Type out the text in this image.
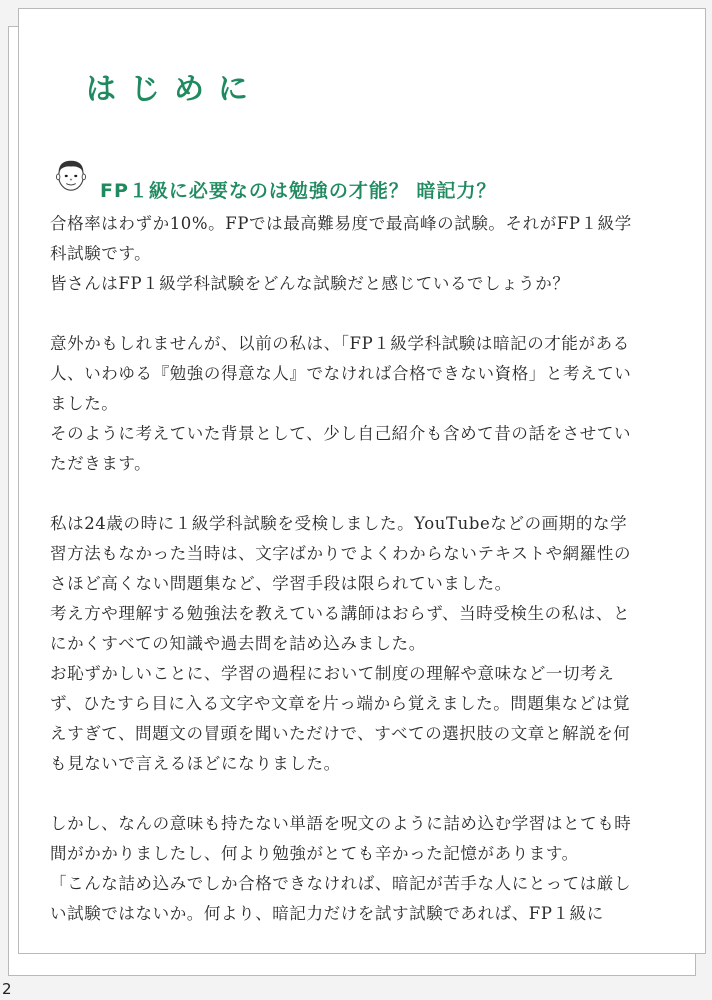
はじめに
FP１級に必要なのは勉強の才能？ 暗記力？

合格率はわずか10%。FPでは最高難易度で最高峰の試験。それがFP１級学科試験です。

皆さんはFP１級学科試験をどんな試験だと感じているでしょうか？

意外かもしれませんが、以前の私は、「FP１級学科試験は暗記の才能がある人、いわゆる『勉強の得意な人』でなければ合格できない資格」と考えていました。

そのように考えていた背景として、少し自己紹介も含めて昔の話をさせていただきます。

私は24歳の時に１級学科試験を受検しました。YouTubeなどの画期的な学習方法もなかった当時は、文字ばかりでよくわからないテキストや網羅性のさほど高くない問題集など、学習手段は限られていました。

考え方や理解する勉強法を教えている講師はおらず、当時受検生の私は、とにかくすべての知識や過去問を詰め込みました。

お恥ずかしいことに、学習の過程において制度の理解や意味など一切考えず、ひたすら目に入る文字や文章を片っ端から覚えました。問題集などは覚えすぎて、問題文の冒頭を聞いただけで、すべての選択肢の文章と解説を何も見ないで言えるほどになりました。

しかし、なんの意味も持たない単語を呪文のように詰め込む学習はとても時間がかかりましたし、何より勉強がとても辛かった記憶があります。

「こんな詰め込みでしか合格できなければ、暗記が苦手な人にとっては厳しい試験ではないか。何より、暗記力だけを試す試験であれば、FP１級に

2
